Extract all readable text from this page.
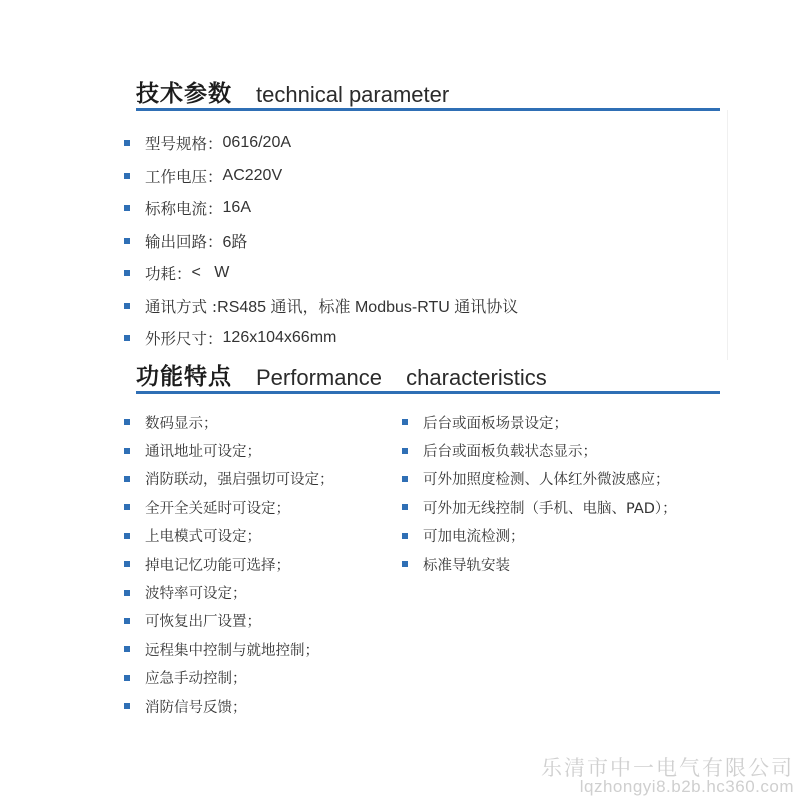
技术参数 technical parameter
型号规格： 0616/20A
工作电压： AC220V
标称电流： 16A
输出回路： 6路
功耗： <   W
通讯方式 : RS485 通讯，标准 Modbus-RTU 通讯协议
外形尺寸： 126x104x66mm
功能特点 Performance  characteristics
数码显示；
通讯地址可设定；
消防联动，强启强切可设定；
全开全关延时可设定；
上电模式可设定；
掉电记忆功能可选择；
波特率可设定；
可恢复出厂设置；
远程集中控制与就地控制；
应急手动控制；
消防信号反馈；
后台或面板场景设定；
后台或面板负载状态显示；
可外加照度检测、人体红外微波感应；
可外加无线控制（手机、电脑、PAD）；
可加电流检测；
标准导轨安装
乐清市中一电气有限公司
lqzhongyi8.b2b.hc360.com
